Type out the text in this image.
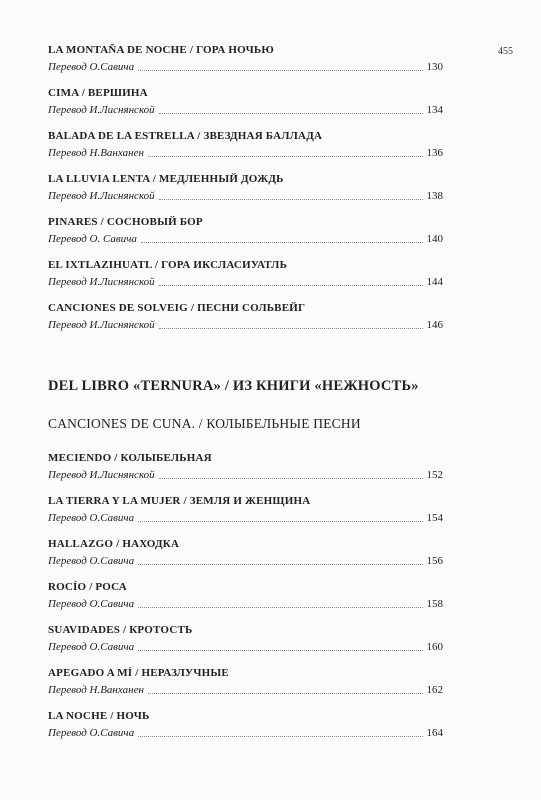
455
LA MONTAÑA DE NOCHE / ГОРА НОЧЬЮ
Перевод О.Савича	130
CIMA / ВЕРШИНА
Перевод И.Лиснянской	134
BALADA DE LA ESTRELLA / ЗВЕЗДНАЯ БАЛЛАДА
Перевод Н.Ванханен	136
LA LLUVIA LENTA / МЕДЛЕННЫЙ ДОЖДЬ
Перевод И.Лиснянской	138
PINARES / СОСНОВЫЙ БОР
Перевод О. Савича	140
EL IXTLAZIHUATL / ГОРА ИКСЛАСИУАТЛЬ
Перевод И.Лиснянской	144
CANCIONES DE SOLVEIG / ПЕСНИ СОЛЬВЕЙГ
Перевод И.Лиснянской	146
DEL LIBRO «TERNURA» / ИЗ КНИГИ «НЕЖНОСТЬ»
CANCIONES DE CUNA. / КОЛЫБЕЛЬНЫЕ ПЕСНИ
MECIENDO / КОЛЫБЕЛЬНАЯ
Перевод И.Лиснянской	152
LA TIERRA Y LA MUJER / ЗЕМЛЯ И ЖЕНЩИНА
Перевод О.Савича	154
HALLAZGO / НАХОДКА
Перевод О.Савича	156
ROCÍO / РОСА
Перевод О.Савича	158
SUAVIDADES / КРОТОСТЬ
Перевод О.Савича	160
APEGADO A MÍ / НЕРАЗЛУЧНЫЕ
Перевод Н.Ванханен	162
LA NOCHE / НОЧЬ
Перевод О.Савича	164
